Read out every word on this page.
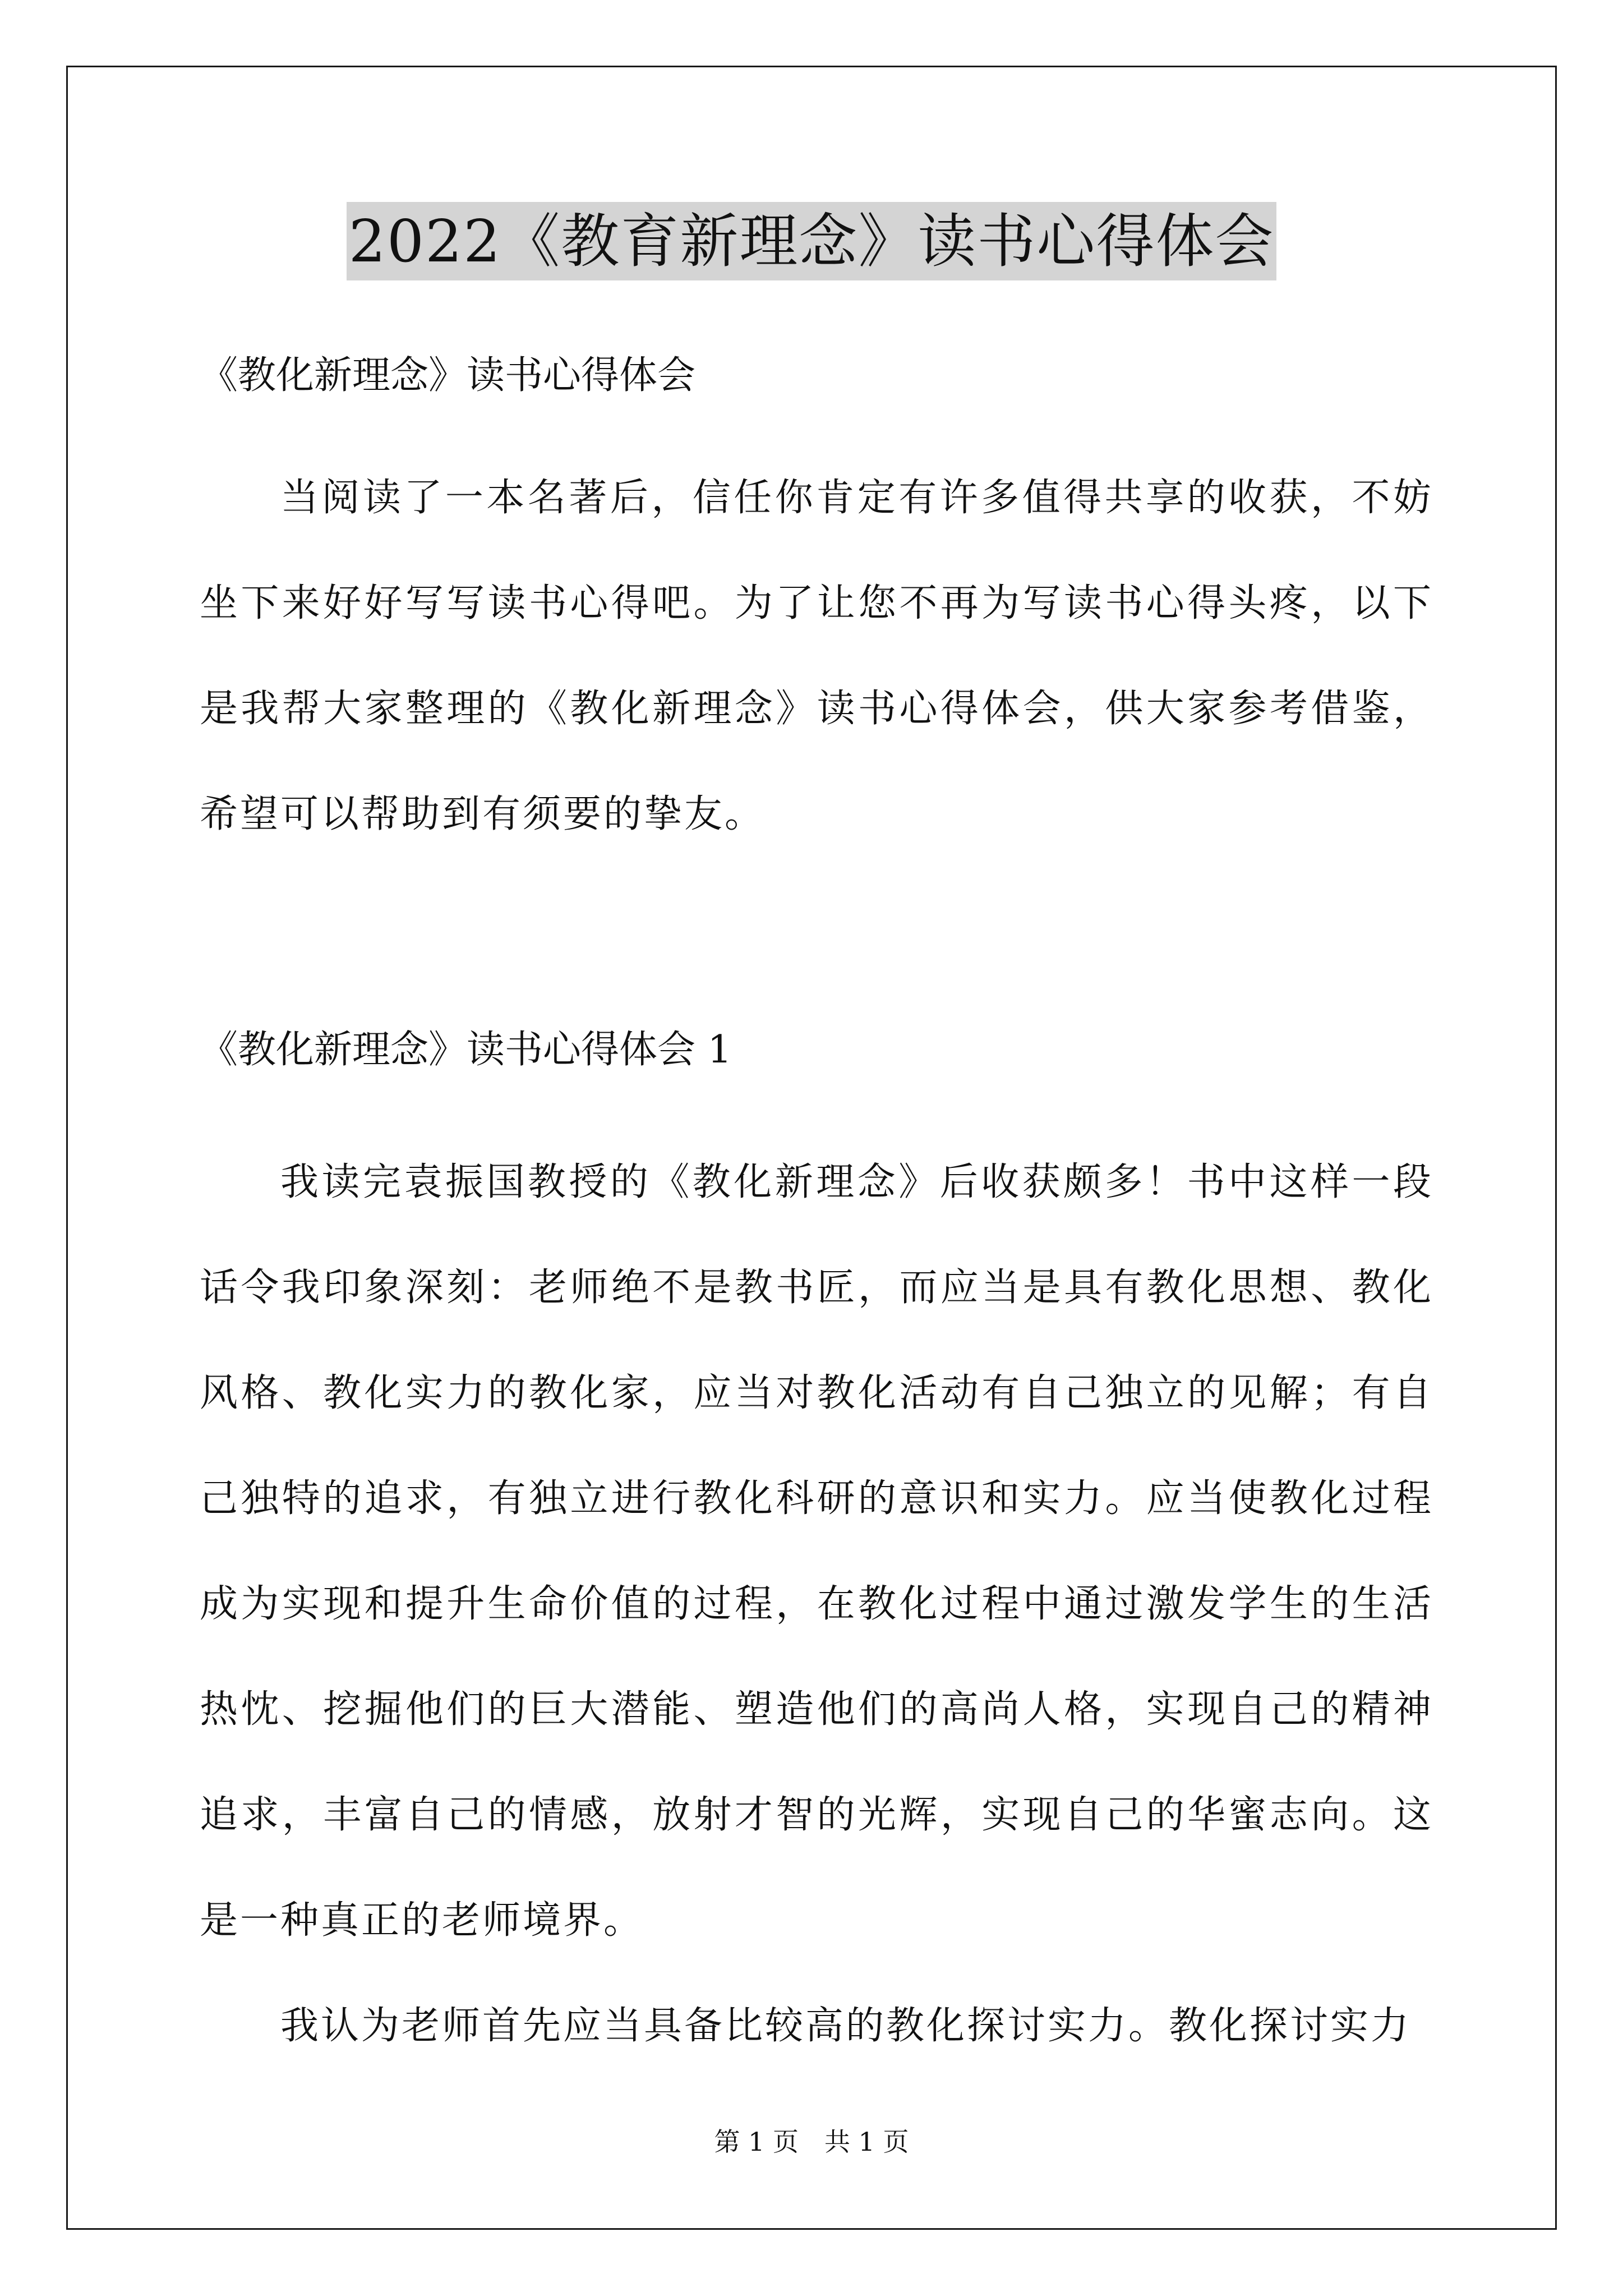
2022《教育新理念》读书心得体会

《教化新理念》读书心得体会

当阅读了一本名著后，信任你肯定有许多值得共享的收获，不妨坐下来好好写写读书心得吧。为了让您不再为写读书心得头疼，以下是我帮大家整理的《教化新理念》读书心得体会，供大家参考借鉴，希望可以帮助到有须要的挚友。

《教化新理念》读书心得体会 1

我读完袁振国教授的《教化新理念》后收获颇多！书中这样一段话令我印象深刻：老师绝不是教书匠，而应当是具有教化思想、教化风格、教化实力的教化家，应当对教化活动有自己独立的见解；有自己独特的追求，有独立进行教化科研的意识和实力。应当使教化过程成为实现和提升生命价值的过程，在教化过程中通过激发学生的生活热忱、挖掘他们的巨大潜能、塑造他们的高尚人格，实现自己的精神追求，丰富自己的情感，放射才智的光辉，实现自己的华蜜志向。这是一种真正的老师境界。

我认为老师首先应当具备比较高的教化探讨实力。教化探讨实力

第 1 页　共 1 页
